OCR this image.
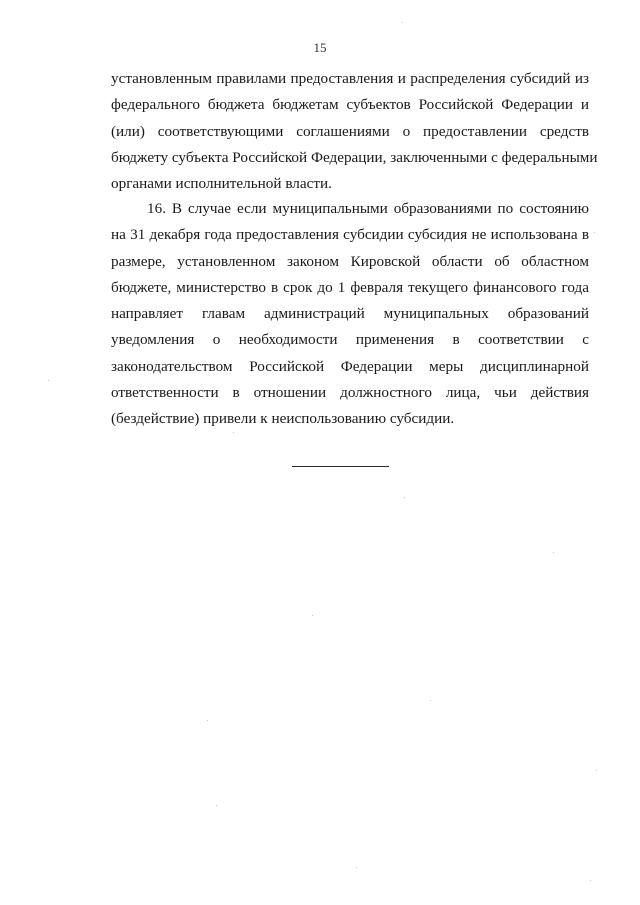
15
установленным правилами предоставления и распределения субсидий из
федерального бюджета бюджетам субъектов Российской Федерации и
(или) соответствующими соглашениями о предоставлении средств
бюджету субъекта Российской Федерации, заключенными с федеральными
органами исполнительной власти.
16. В случае если муниципальными образованиями по состоянию
на 31 декабря года предоставления субсидии субсидия не использована в
размере, установленном законом Кировской области об областном
бюджете, министерство в срок до 1 февраля текущего финансового года
направляет главам администраций муниципальных образований
уведомления о необходимости применения в соответствии с
законодательством Российской Федерации меры дисциплинарной
ответственности в отношении должностного лица, чьи действия
(бездействие) привели к неиспользованию субсидии.
